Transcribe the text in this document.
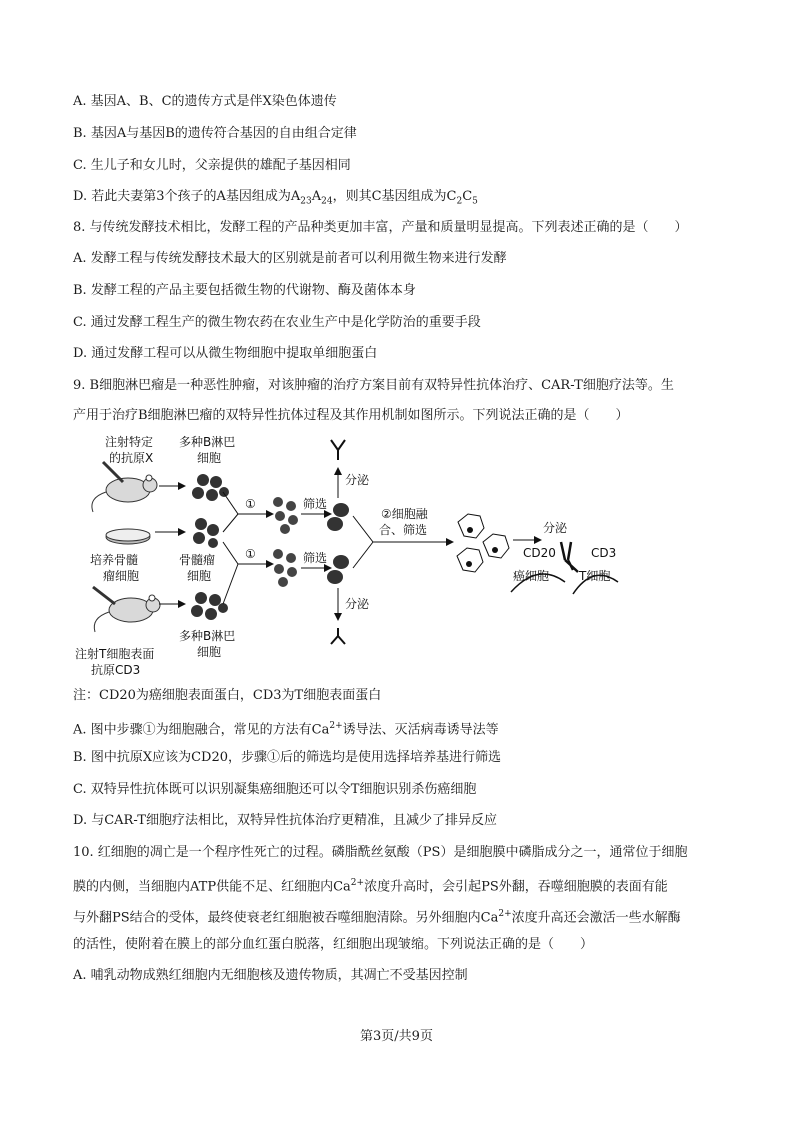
A. 基因A、B、C的遗传方式是伴X染色体遗传
B. 基因A与基因B的遗传符合基因的自由组合定律
C. 生儿子和女儿时，父亲提供的雄配子基因相同
D. 若此夫妻第3个孩子的A基因组成为$A_{23}A_{24}$，则其C基因组成为$C_2C_5$
8. 与传统发酵技术相比，发酵工程的产品种类更加丰富，产量和质量明显提高。下列表述正确的是（　　）
A. 发酵工程与传统发酵技术最大的区别就是前者可以利用微生物来进行发酵
B. 发酵工程的产品主要包括微生物的代谢物、酶及菌体本身
C. 通过发酵工程生产的微生物农药在农业生产中是化学防治的重要手段
D. 通过发酵工程可以从微生物细胞中提取单细胞蛋白
9. B细胞淋巴瘤是一种恶性肿瘤，对该肿瘤的治疗方案目前有双特异性抗体治疗、CAR-T细胞疗法等。生
产用于治疗B细胞淋巴瘤的双特异性抗体过程及其作用机制如图所示。下列说法正确的是（　　）
注射特定
的抗原X
培养骨髓
瘤细胞
注射T细胞表面
抗原CD3
多种B淋巴
细胞
骨髓瘤
细胞
多种B淋巴
细胞
①
①
筛选
筛选
分泌
分泌
②细胞融
合、筛选	分泌
CD20	CD3
癌细胞 T细胞
注：CD20为癌细胞表面蛋白，CD3为T细胞表面蛋白
A. 图中步骤①为细胞融合，常见的方法有$Ca^{2+}$诱导法、灭活病毒诱导法等
B. 图中抗原X应该为CD20，步骤①后的筛选均是使用选择培养基进行筛选
C. 双特异性抗体既可以识别凝集癌细胞还可以令T细胞识别杀伤癌细胞
D. 与CAR-T细胞疗法相比，双特异性抗体治疗更精准，且减少了排异反应
10. 红细胞的凋亡是一个程序性死亡的过程。磷脂酰丝氨酸（PS）是细胞膜中磷脂成分之一，通常位于细胞
膜的内侧，当细胞内ATP供能不足、红细胞内$Ca^{2+}$浓度升高时，会引起PS外翻，吞噬细胞膜的表面有能
与外翻PS结合的受体，最终使衰老红细胞被吞噬细胞清除。另外细胞内$Ca^{2+}$浓度升高还会激活一些水解酶
的活性，使附着在膜上的部分血红蛋白脱落，红细胞出现皱缩。下列说法正确的是（　　）
A. 哺乳动物成熟红细胞内无细胞核及遗传物质，其凋亡不受基因控制
第3页/共9页
